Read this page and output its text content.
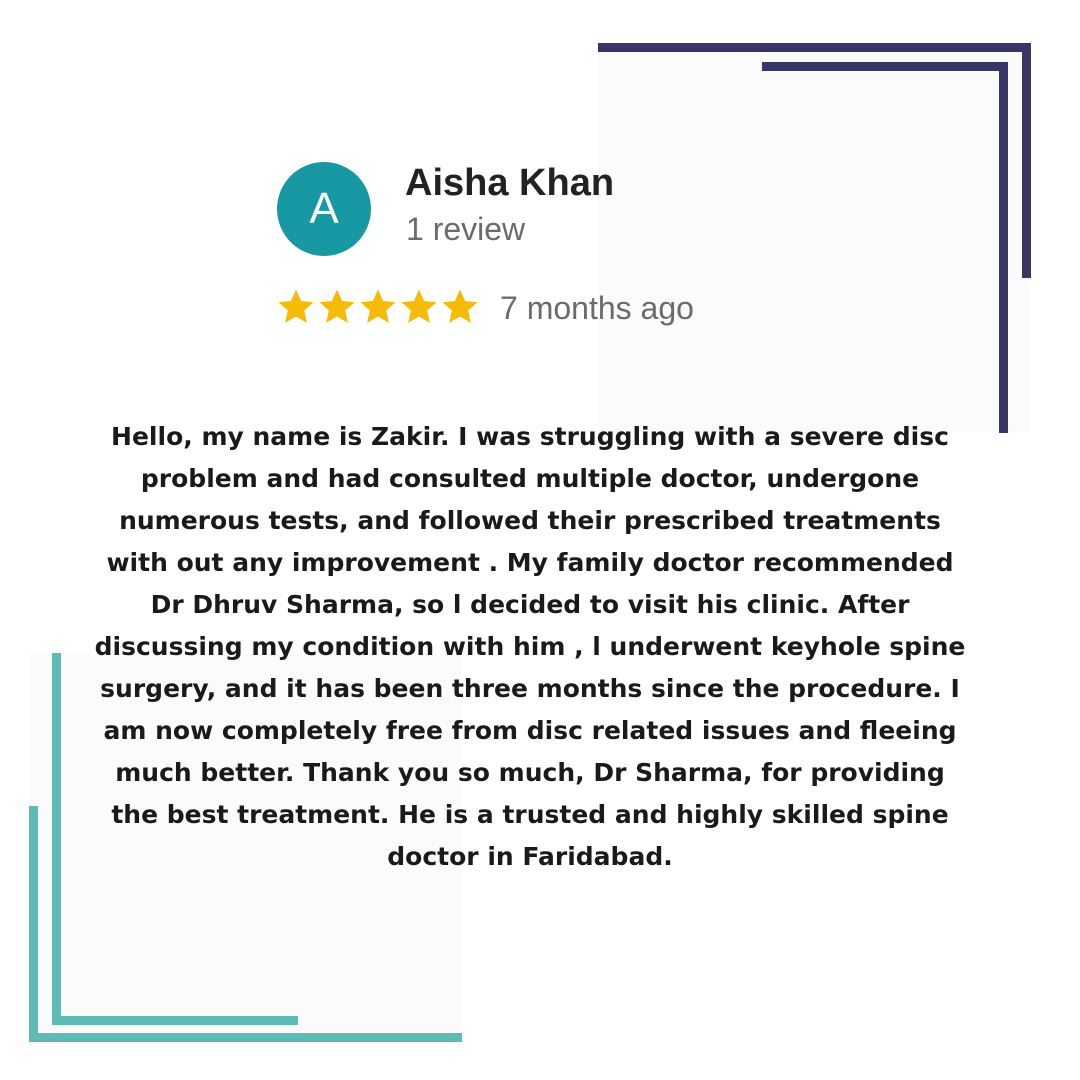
A
Aisha Khan
1 review
7 months ago

Hello, my name is Zakir. I was struggling with a severe disc problem and had consulted multiple doctor, undergone numerous tests, and followed their prescribed treatments with out any improvement . My family doctor recommended Dr Dhruv Sharma, so l decided to visit his clinic. After discussing my condition with him , l underwent keyhole spine surgery, and it has been three months since the procedure. I am now completely free from disc related issues and fleeing much better. Thank you so much, Dr Sharma, for providing the best treatment. He is a trusted and highly skilled spine doctor in Faridabad.
